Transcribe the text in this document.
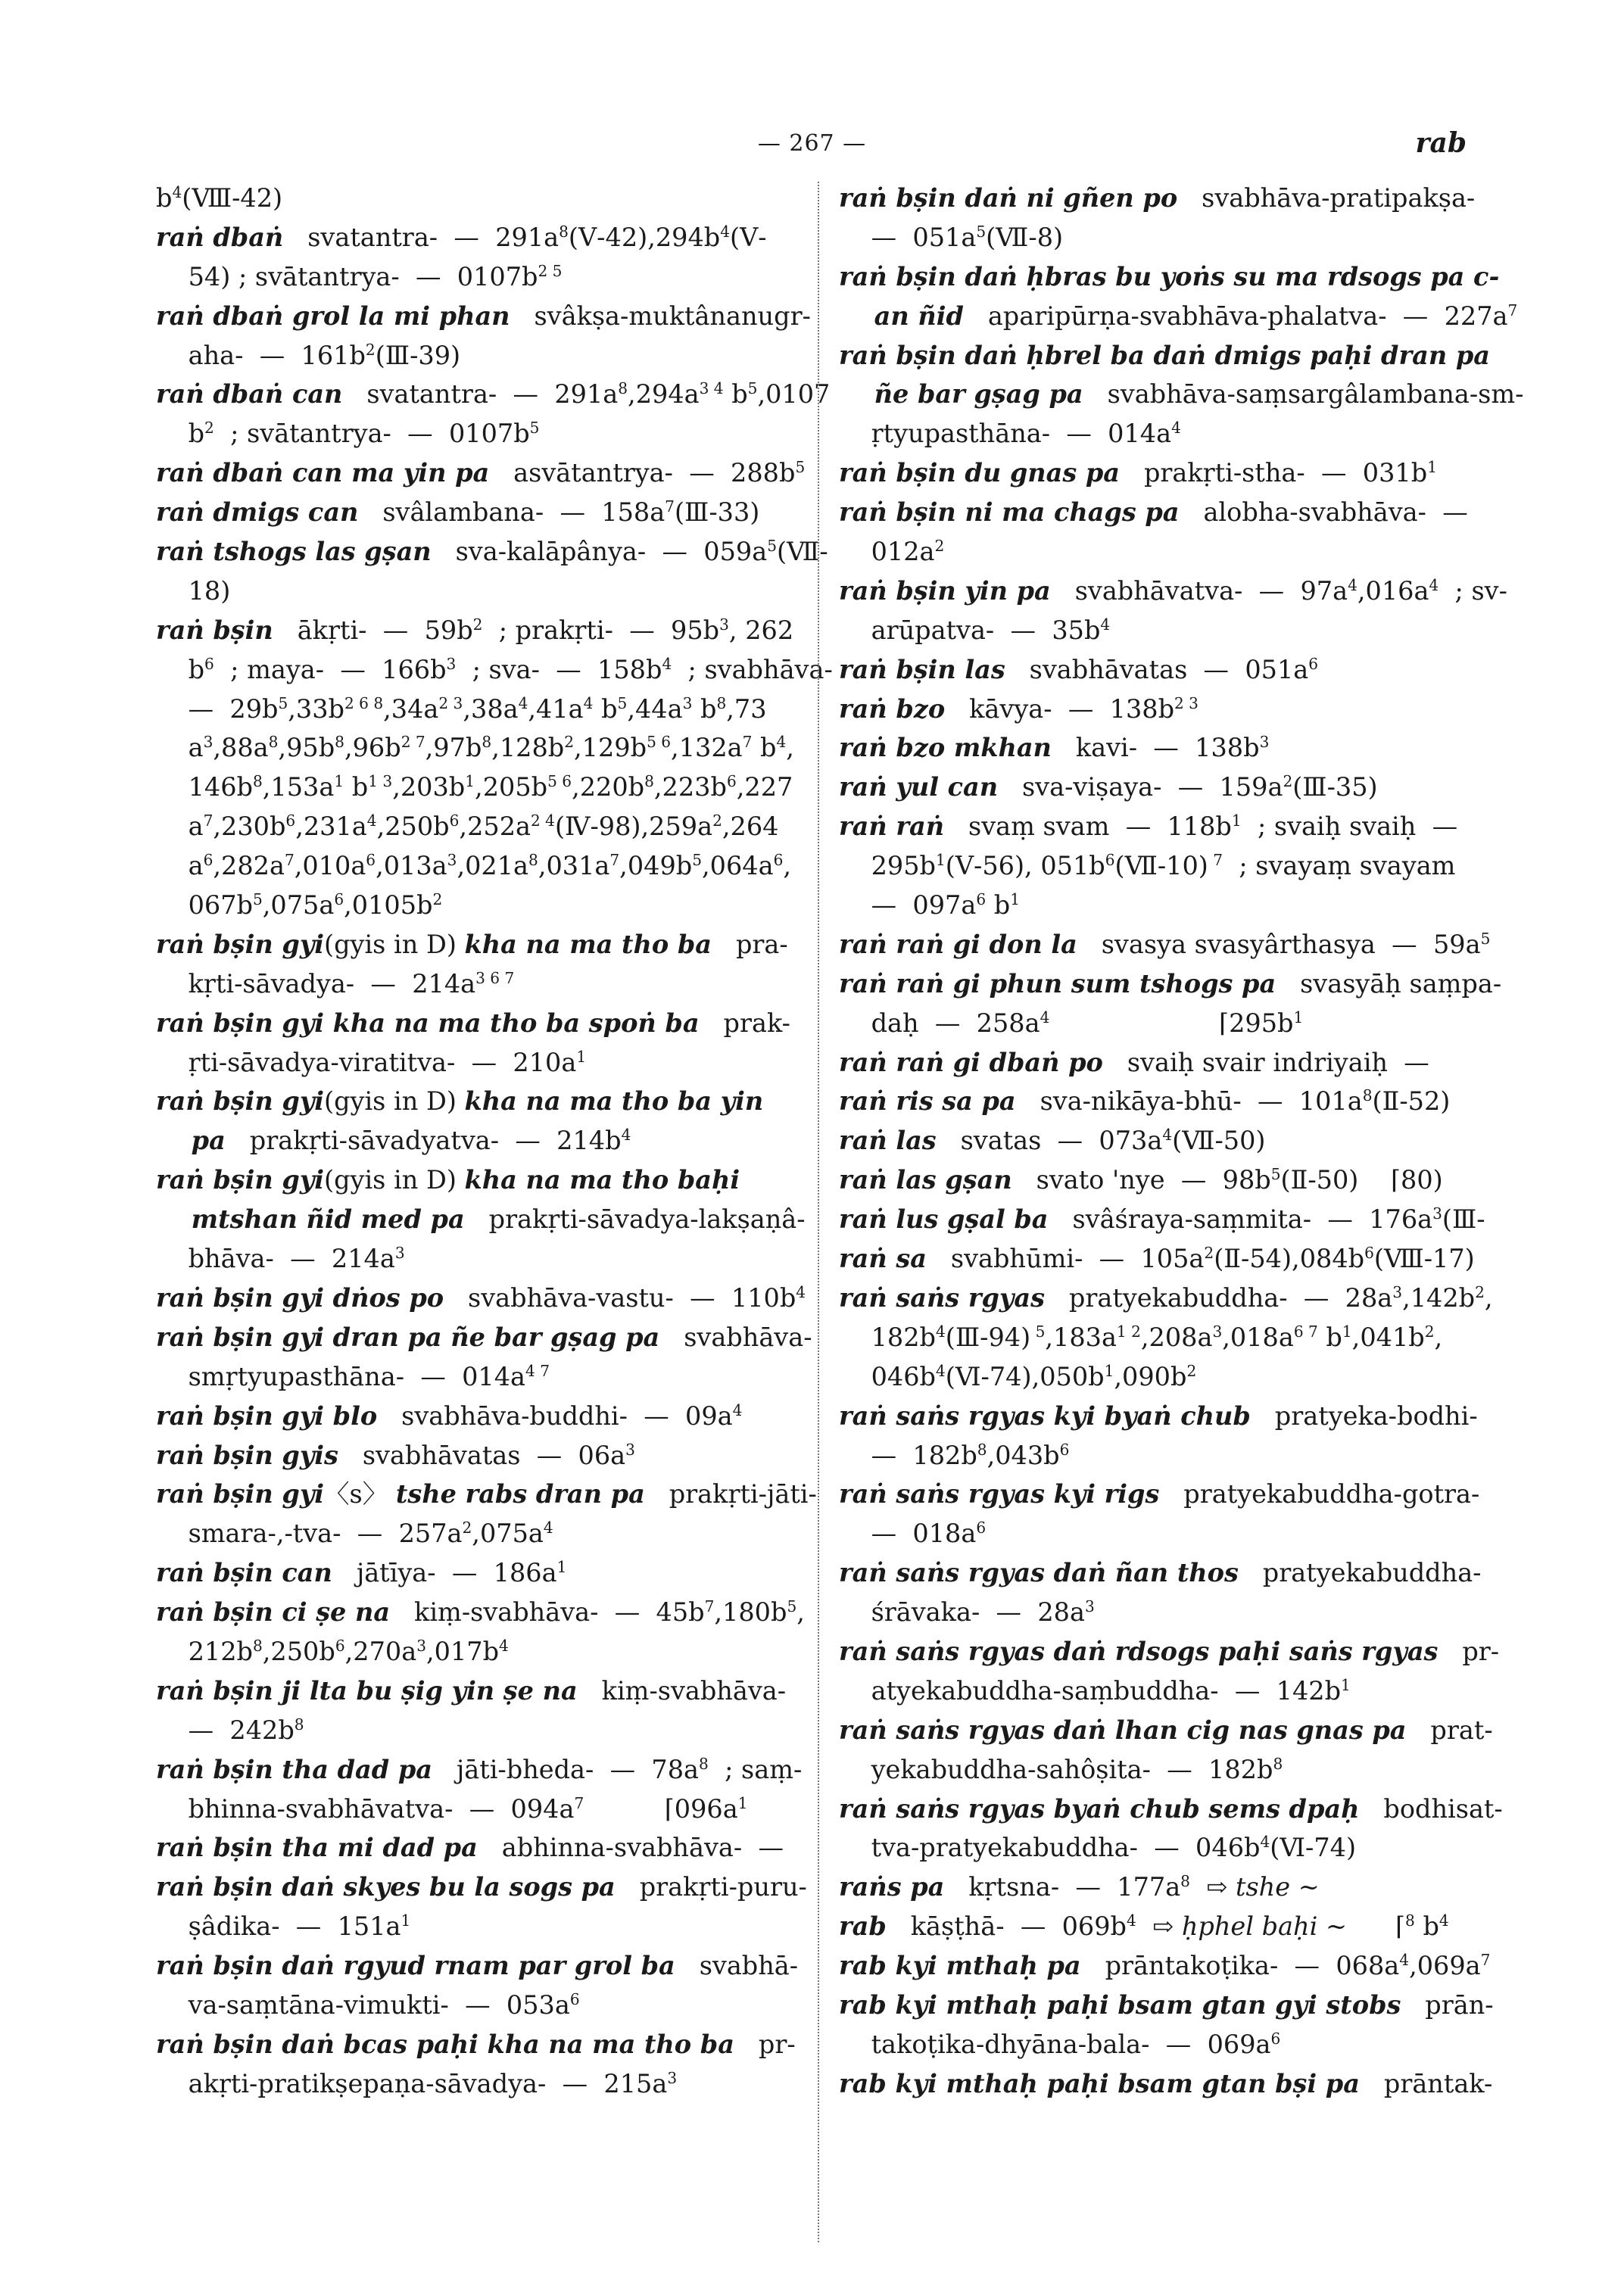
— 267 —	rab
$b^4(Ⅷ-42)$
raṅ dbaṅ   svatantra-  —  $291a^8(Ⅴ-42),294b^4(Ⅴ-$
54) ; svātantrya-  —  $0107b^{2 5}$
raṅ dbaṅ grol la mi phan   svâkṣa-muktânanugr-
aha-  —  $161b^2(Ⅲ-39)$
raṅ dbaṅ can   svatantra-  —  $291a^8,294a^{3 4}$ $b^5,0107$
$b^2$  ; svātantrya-  —  $0107b^5$
raṅ dbaṅ can ma yin pa   asvātantrya-  —  $288b^5$
raṅ dmigs can   svâlambana-  —  $158a^7(Ⅲ-33)$
raṅ tshogs las gṣan   sva-kalāpânya-  —  $059a^5(Ⅶ-$
18)
raṅ bṣin   ākṛti-  —  $59b^2$  ; prakṛti-  —  $95b^3$, 262
$b^6$  ; maya-  —  $166b^3$  ; sva-  —  $158b^4$  ; svabhāva-
—  $29b^5,33b^{2 6 8},34a^{2 3},38a^4,41a^4$ $b^5,44a^3$ $b^8,73$
$a^3,88a^8,95b^8,96b^{2 7},97b^8,128b^2,129b^{5 6},132a^7$ $b^4$,
$146b^8,153a^1$ $b^{1 3},203b^1,205b^{5 6},220b^8,223b^6,227$
$a^7,230b^6,231a^4,250b^6,252a^{2 4}(Ⅳ-98),259a^2,264$
$a^6,282a^7,010a^6,013a^3,021a^8,031a^7,049b^5,064a^6$,
$067b^5,075a^6,0105b^2$
raṅ bṣin gyi(gyis in D) kha na ma tho ba   pra-
kṛti-sāvadya-  —  $214a^{3 6 7}$
raṅ bṣin gyi kha na ma tho ba spoṅ ba   prak-
ṛti-sāvadya-viratitva-  —  $210a^1$
raṅ bṣin gyi(gyis in D) kha na ma tho ba yin
pa   prakṛti-sāvadyatva-  —  $214b^4$
raṅ bṣin gyi(gyis in D) kha na ma tho baḥi
mtshan ñid med pa   prakṛti-sāvadya-lakṣaṇâ-
bhāva-  —  $214a^3$
raṅ bṣin gyi dṅos po   svabhāva-vastu-  —  $110b^4$
raṅ bṣin gyi dran pa ñe bar gṣag pa   svabhāva-
smṛtyupasthāna-  —  $014a^{4 7}$
raṅ bṣin gyi blo   svabhāva-buddhi-  —  $09a^4$
raṅ bṣin gyis   svabhāvatas  —  $06a^3$
raṅ bṣin gyi〈s〉 tshe rabs dran pa   prakṛti-jāti-
smara-,-tva-  —  $257a^2,075a^4$
raṅ bṣin can   jātīya-  —  $186a^1$
raṅ bṣin ci ṣe na   kiṃ-svabhāva-  —  $45b^7,180b^5$,
$212b^8,250b^6,270a^3,017b^4$
raṅ bṣin ji lta bu ṣig yin ṣe na   kiṃ-svabhāva-
—  $242b^8$
raṅ bṣin tha dad pa   jāti-bheda-  —  $78a^8$  ; saṃ-
bhinna-svabhāvatva-  —  $094a^7$          $⌈096a^1$
raṅ bṣin tha mi dad pa   abhinna-svabhāva-  —
raṅ bṣin daṅ skyes bu la sogs pa   prakṛti-puru-
ṣâdika-  —  $151a^1$
raṅ bṣin daṅ rgyud rnam par grol ba   svabhā-
va-saṃtāna-vimukti-  —  $053a^6$
raṅ bṣin daṅ bcas paḥi kha na ma tho ba   pr-
akṛti-pratikṣepaṇa-sāvadya-  —  $215a^3$
raṅ bṣin daṅ ni gñen po   svabhāva-pratipakṣa-
—  $051a^5(Ⅶ-8)$
raṅ bṣin daṅ ḥbras bu yoṅs su ma rdsogs pa c-
an ñid   aparipūrṇa-svabhāva-phalatva-  —  $227a^7$
raṅ bṣin daṅ ḥbrel ba daṅ dmigs paḥi dran pa
ñe bar gṣag pa   svabhāva-saṃsargâlambana-sm-
ṛtyupasthāna-  —  $014a^4$
raṅ bṣin du gnas pa   prakṛti-stha-  —  $031b^1$
raṅ bṣin ni ma chags pa   alobha-svabhāva-  —
$012a^2$
raṅ bṣin yin pa   svabhāvatva-  —  $97a^4,016a^4$  ; sv-
arūpatva-  —  $35b^4$
raṅ bṣin las   svabhāvatas  —  $051a^6$
raṅ bzo   kāvya-  —  $138b^{2 3}$
raṅ bzo mkhan   kavi-  —  $138b^3$
raṅ yul can   sva-viṣaya-  —  $159a^2(Ⅲ-35)$
raṅ raṅ   svaṃ svam  —  $118b^1$  ; svaiḥ svaiḥ  —
$295b^1(Ⅴ-56)$, $051b^6(Ⅶ-10)$ $^7$  ; svayaṃ svayam
—  $097a^6$ $b^1$
raṅ raṅ gi don la   svasya svasyârthasya  —  $59a^5$
raṅ raṅ gi phun sum tshogs pa   svasyāḥ saṃpa-
daḥ  —  $258a^4$                     $⌈295b^1$
raṅ raṅ gi dbaṅ po   svaiḥ svair indriyaiḥ  —
raṅ ris sa pa   sva-nikāya-bhū-  —  $101a^8(Ⅱ-52)$
raṅ las   svatas  —  $073a^4(Ⅶ-50)$
raṅ las gṣan   svato 'nye  —  $98b^5(Ⅱ-50)$    ⌈80)
raṅ lus gṣal ba   svâśraya-saṃmita-  —  $176a^3(Ⅲ-$
raṅ sa   svabhūmi-  —  $105a^2(Ⅱ-54),084b^6(Ⅷ-17)$
raṅ saṅs rgyas   pratyekabuddha-  —  $28a^3,142b^2$,
$182b^4(Ⅲ-94)$ $^5,183a^{1 2},208a^3,018a^{6 7}$ $b^1,041b^2$,
$046b^4(Ⅵ-74),050b^1,090b^2$
raṅ saṅs rgyas kyi byaṅ chub   pratyeka-bodhi-
—  $182b^8,043b^6$
raṅ saṅs rgyas kyi rigs   pratyekabuddha-gotra-
—  $018a^6$
raṅ saṅs rgyas daṅ ñan thos   pratyekabuddha-
śrāvaka-  —  $28a^3$
raṅ saṅs rgyas daṅ rdsogs paḥi saṅs rgyas   pr-
atyekabuddha-saṃbuddha-  —  $142b^1$
raṅ saṅs rgyas daṅ lhan cig nas gnas pa   prat-
yekabuddha-sahôṣita-  —  $182b^8$
raṅ saṅs rgyas byaṅ chub sems dpaḥ   bodhisat-
tva-pratyekabuddha-  —  $046b^4(Ⅵ-74)$
raṅs pa   kṛtsna-  —  $177a^8$  ⇨ tshe ~
rab   kāṣṭhā-  —  $069b^4$  ⇨ ḥphel baḥi ~      ⌈$^8$ $b^4$
rab kyi mthaḥ pa   prāntakoṭika-  —  $068a^4,069a^7$
rab kyi mthaḥ paḥi bsam gtan gyi stobs   prān-
takoṭika-dhyāna-bala-  —  $069a^6$
rab kyi mthaḥ paḥi bsam gtan bṣi pa   prāntak-
